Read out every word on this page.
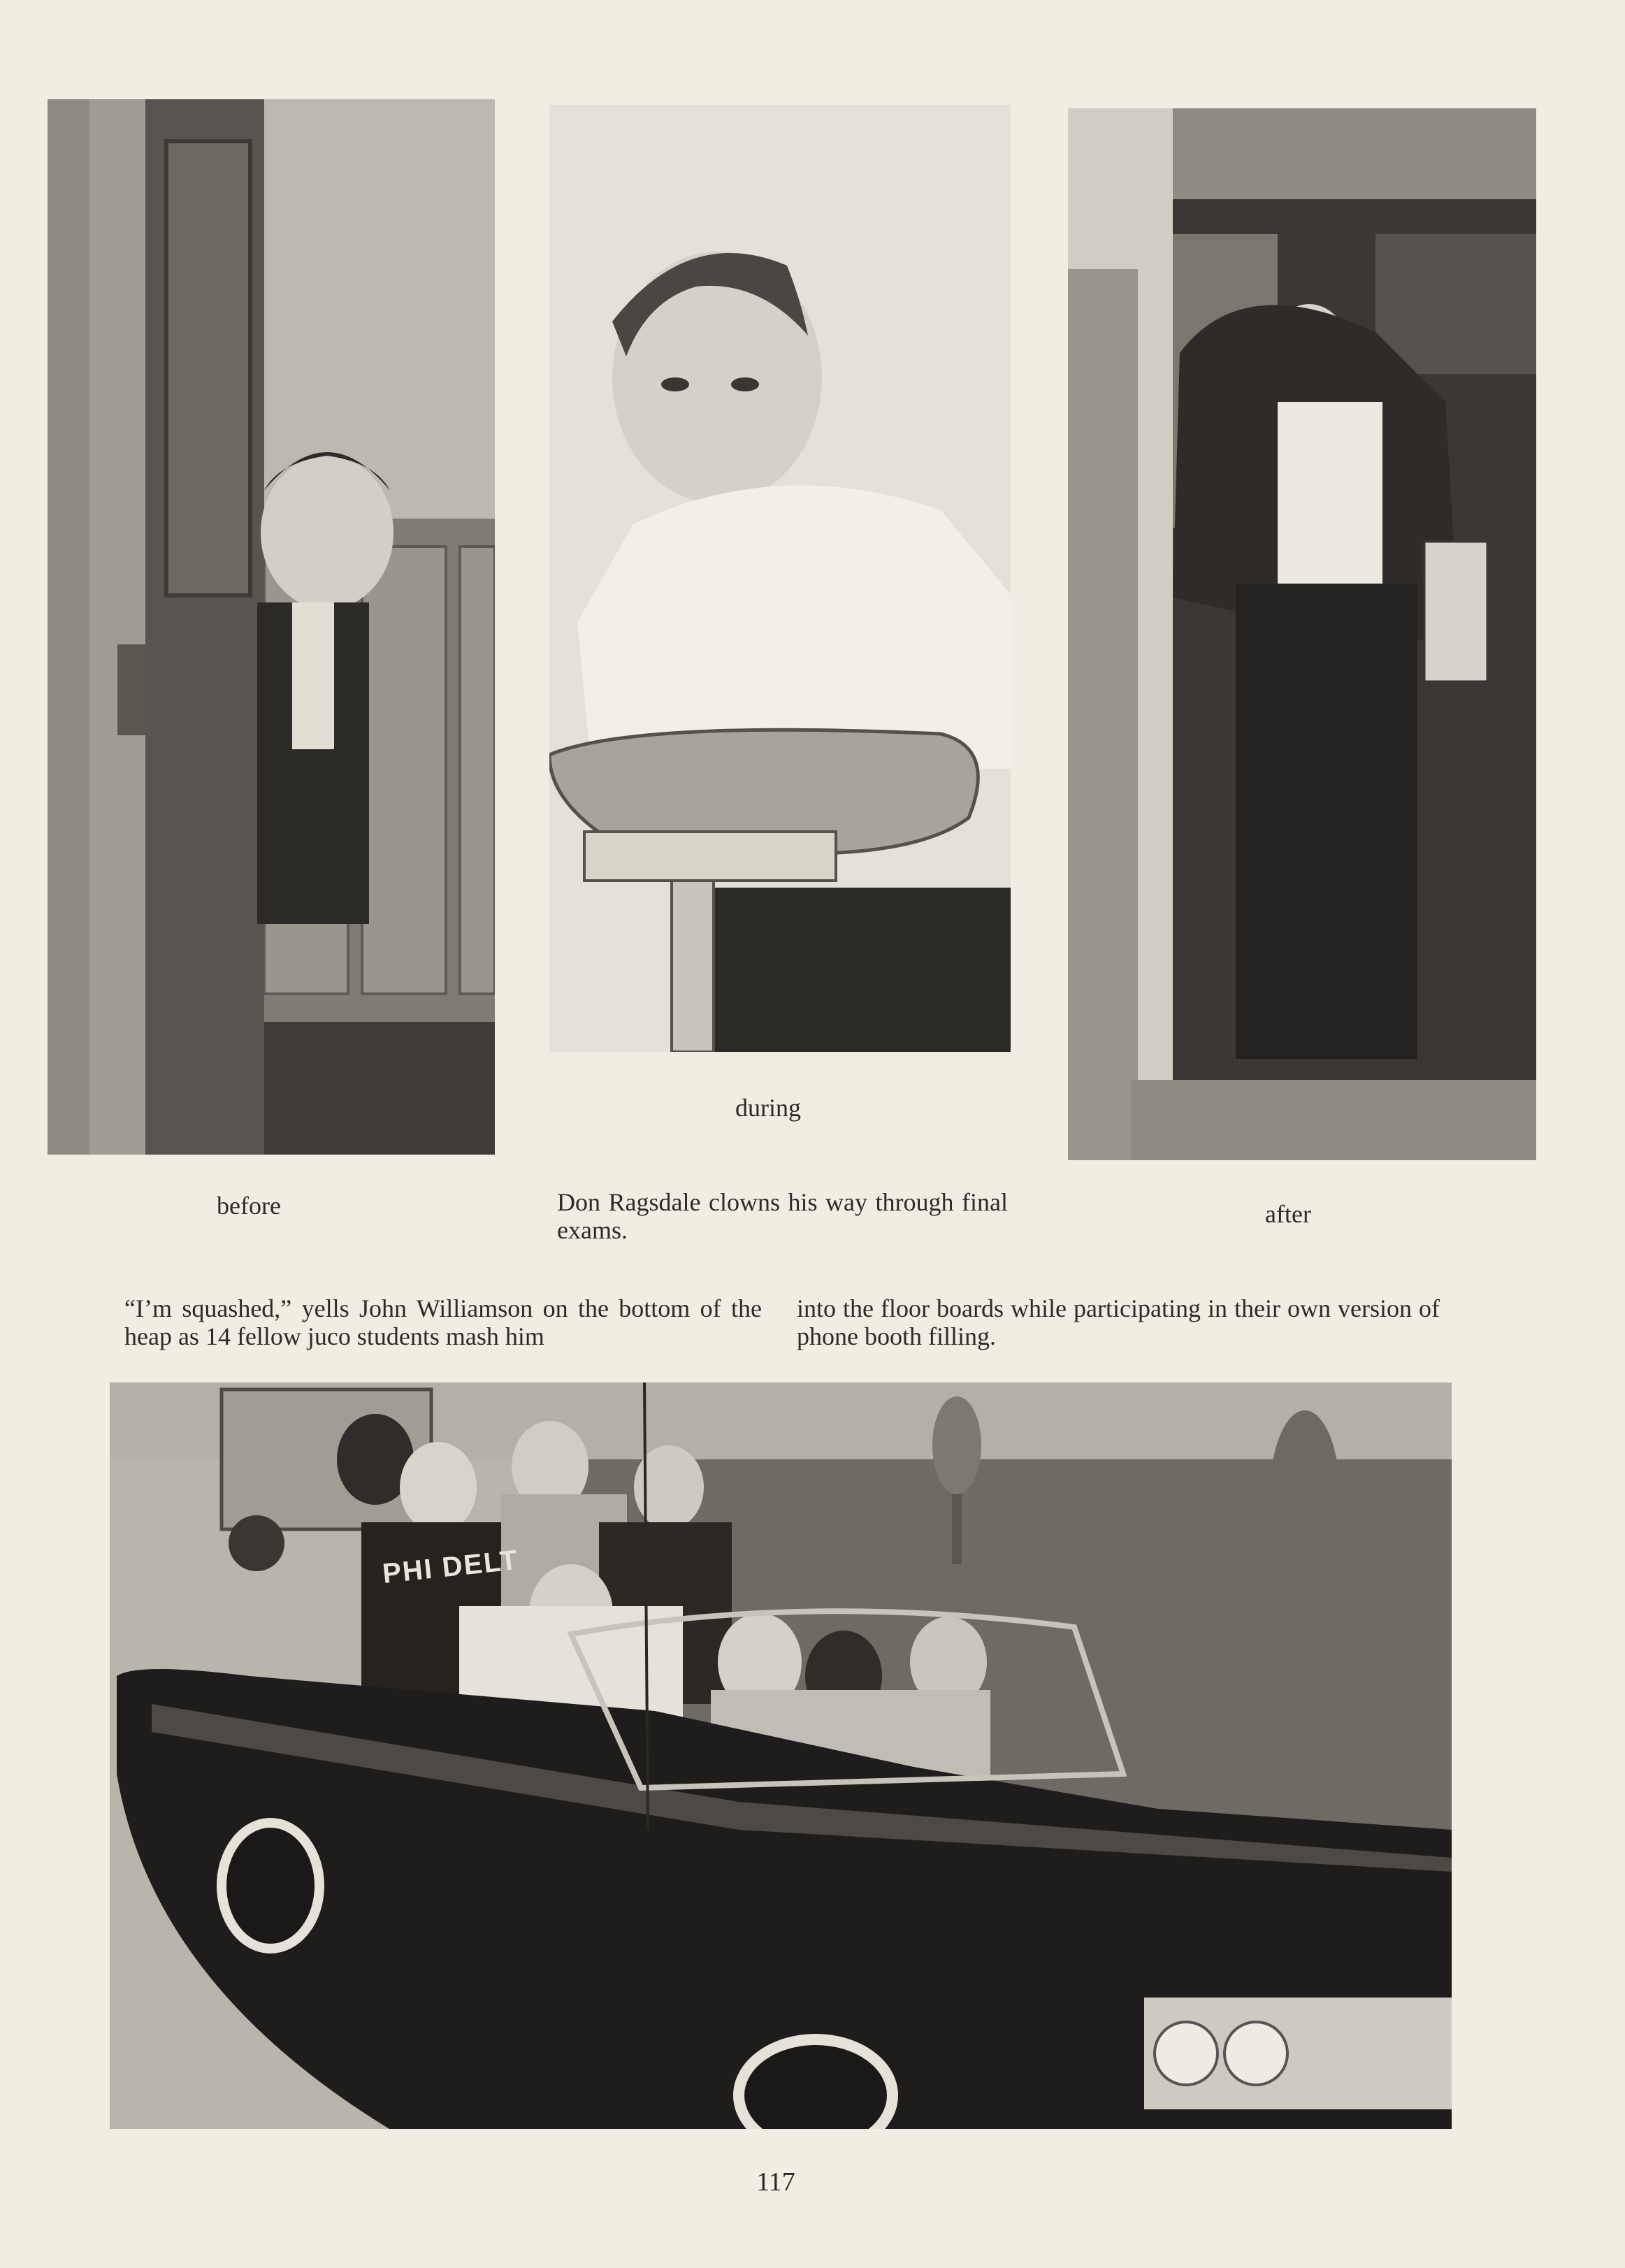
before
during
after
Don Ragsdale clowns his way through final exams.
“I’m squashed,” yells John Williamson on the bottom of the heap as 14 fellow juco students mash him
into the floor boards while participating in their own version of phone booth filling.
PHI DELT
117
